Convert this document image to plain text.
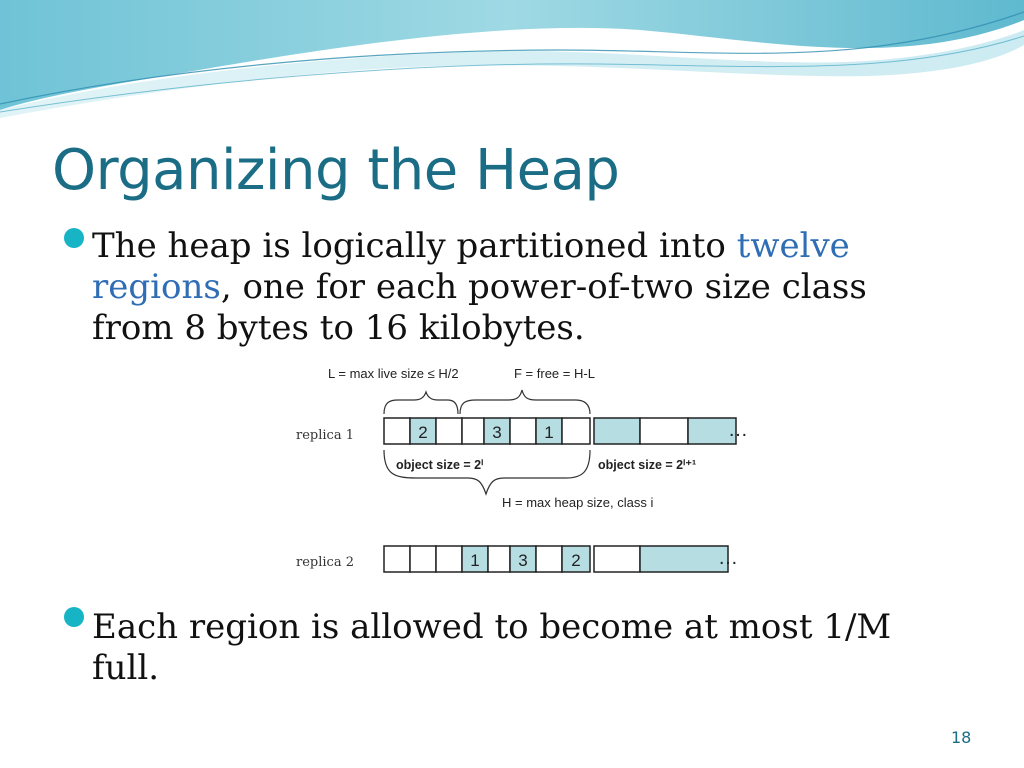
Organizing the Heap

The heap is logically partitioned into twelve regions, one for each power-of-two size class from 8 bytes to 16 kilobytes.

L = max live size ≤ H/2	F = free = H-L
replica 1	2	3	1	…
object size = 2ⁱ	object size = 2ⁱ⁺¹
H = max heap size, class i
replica 2	1 3	2	…

Each region is allowed to become at most 1/M full.

18
